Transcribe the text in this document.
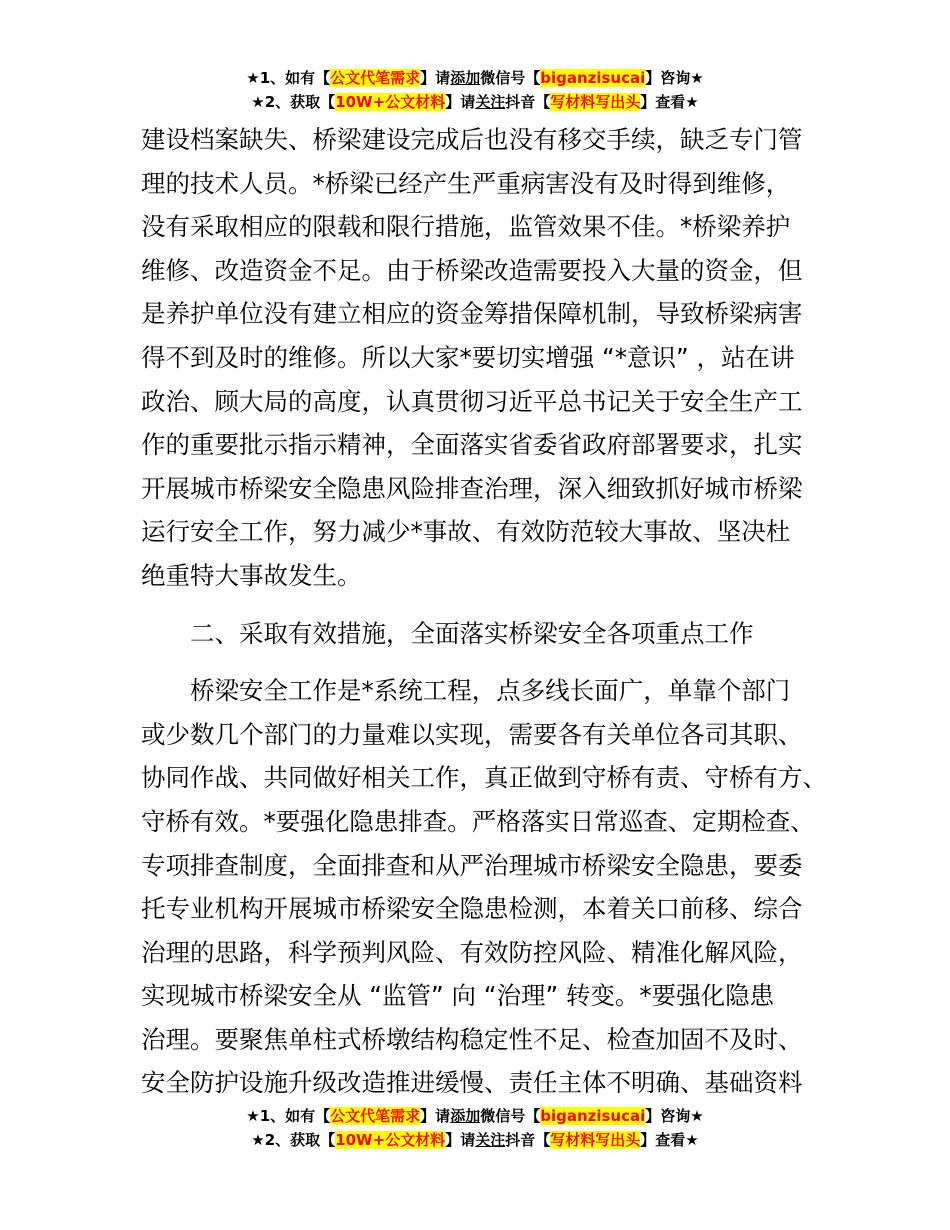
★1、如有【公文代笔需求】请添加微信号【biganzisucai】咨询★
★2、获取【10W+公文材料】请关注抖音【写材料写出头】查看★

建设档案缺失、桥梁建设完成后也没有移交手续，缺乏专门管

理的技术人员。*桥梁已经产生严重病害没有及时得到维修，

没有采取相应的限载和限行措施，监管效果不佳。*桥梁养护

维修、改造资金不足。由于桥梁改造需要投入大量的资金，但

是养护单位没有建立相应的资金筹措保障机制，导致桥梁病害

得不到及时的维修。所以大家*要切实增强 “*意识” ，站在讲

政治、顾大局的高度，认真贯彻习近平总书记关于安全生产工

作的重要批示指示精神，全面落实省委省政府部署要求，扎实

开展城市桥梁安全隐患风险排查治理，深入细致抓好城市桥梁

运行安全工作，努力减少*事故、有效防范较大事故、坚决杜

绝重特大事故发生。

二、采取有效措施，全面落实桥梁安全各项重点工作

桥梁安全工作是*系统工程，点多线长面广，单靠个部门

或少数几个部门的力量难以实现，需要各有关单位各司其职、

协同作战、共同做好相关工作，真正做到守桥有责、守桥有方、

守桥有效。*要强化隐患排查。严格落实日常巡查、定期检查、

专项排查制度，全面排查和从严治理城市桥梁安全隐患，要委

托专业机构开展城市桥梁安全隐患检测，本着关口前移、综合

治理的思路，科学预判风险、有效防控风险、精准化解风险，

实现城市桥梁安全从 “监管” 向 “治理” 转变。*要强化隐患

治理。要聚焦单柱式桥墩结构稳定性不足、检查加固不及时、

安全防护设施升级改造推进缓慢、责任主体不明确、基础资料

★1、如有【公文代笔需求】请添加微信号【biganzisucai】咨询★
★2、获取【10W+公文材料】请关注抖音【写材料写出头】查看★
